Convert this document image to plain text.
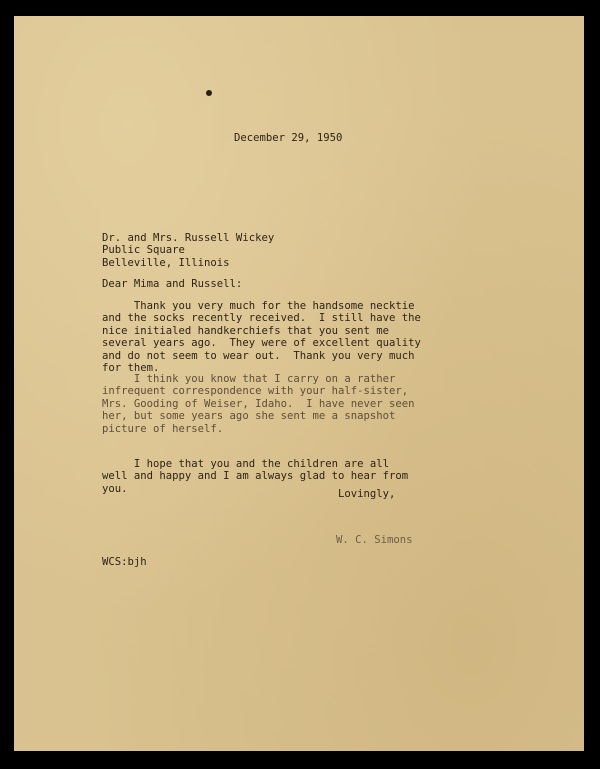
December 29, 1950
Dr. and Mrs. Russell Wickey
Public Square
Belleville, Illinois
Dear Mima and Russell:
Thank you very much for the handsome necktie
and the socks recently received.  I still have the
nice initialed handkerchiefs that you sent me
several years ago.  They were of excellent quality
and do not seem to wear out.  Thank you very much
for them.
I think you know that I carry on a rather
infrequent correspondence with your half-sister,
Mrs. Gooding of Weiser, Idaho.  I have never seen
her, but some years ago she sent me a snapshot
picture of herself.
I hope that you and the children are all
well and happy and I am always glad to hear from
you.	Lovingly,
W. C. Simons
WCS:bjh
